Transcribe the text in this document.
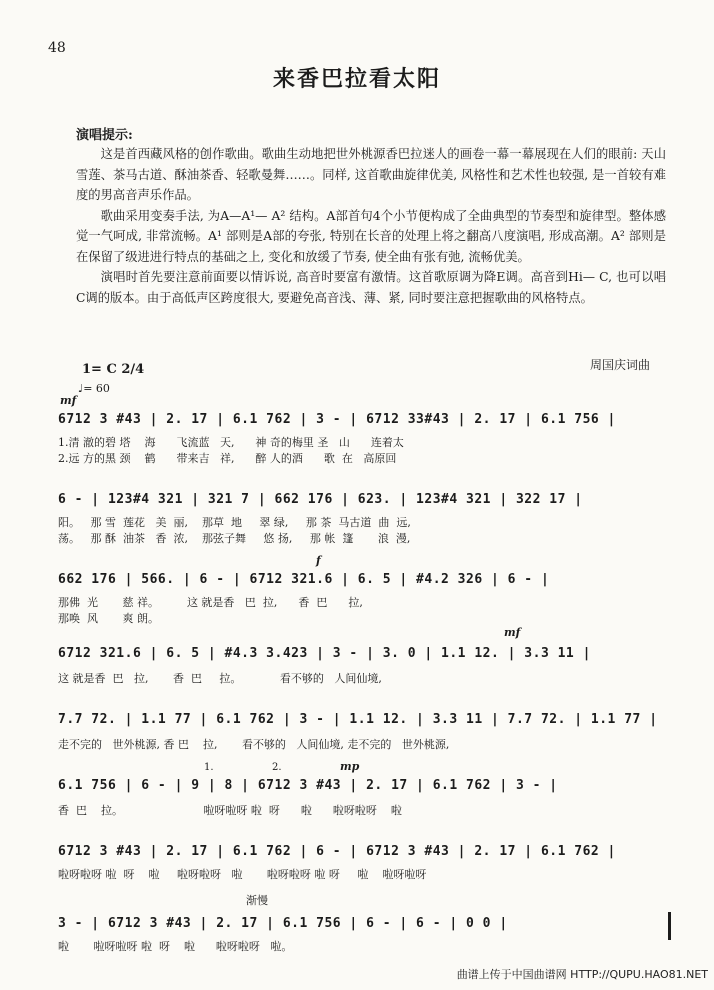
48
来香巴拉看太阳
演唱提示:

这是首西藏风格的创作歌曲。歌曲生动地把世外桃源香巴拉迷人的画卷一幕一幕展现在人们的眼前: 天山雪莲、茶马古道、酥油茶香、轻歌曼舞……。同样, 这首歌曲旋律优美, 风格性和艺术性也较强, 是一首较有难度的男高音声乐作品。

歌曲采用变奏手法, 为A—A¹— A² 结构。A部首句4个小节便构成了全曲典型的节奏型和旋律型。整体感觉一气呵成, 非常流畅。A¹ 部则是A部的夸张, 特别在长音的处理上将之翻高八度演唱, 形成高潮。A² 部则是在保留了级进进行特点的基础之上, 变化和放缓了节奏, 使全曲有张有弛, 流畅优美。

演唱时首先要注意前面要以情诉说, 高音时要富有激情。这首歌原调为降E调。高音到Hi— C, 也可以唱C调的版本。由于高低声区跨度很大, 要避免高音浅、薄、紧, 同时要注意把握歌曲的风格特点。

1= C 2/4
♩= 60
周国庆词曲
mf
6712 3 #43 | 2. 17 | 6.1 762 | 3 - | 6712 33#43 | 2. 17 | 6.1 756 |
1.清 澈的碧 塔    海      飞流蓝   天,      神 奇的梅里 圣   山      连着太
2.远 方的黑 颈    鹤      带来吉   祥,      醉 人的酒      歌  在   高原回
6 - | 123#4 321 | 321 7 | 662 176 | 623. | 123#4 321 | 322 17 |
阳。   那 雪  莲花   美  丽,    那草  地     翠 绿,     那 茶  马古道  曲  远,
荡。   那 酥  油茶   香  浓,    那弦子舞     悠 扬,     那 帐  篷       浪  漫,
f
662 176 | 566. | 6 - | 6712 321.6 | 6. 5 | #4.2 326 | 6 - |
那佛  光       慈 祥。        这 就是香   巴  拉,      香  巴      拉,
那唤  风       爽 朗。
mf
6712 321.6 | 6. 5 | #4.3 3.423 | 3 - | 3. 0 | 1.1 12. | 3.3 11 |
这 就是香  巴   拉,       香  巴     拉。           看不够的   人间仙境,
7.7 72. | 1.1 77 | 6.1 762 | 3 - | 1.1 12. | 3.3 11 | 7.7 72. | 1.1 77 |
走不完的   世外桃源, 香 巴    拉,       看不够的   人间仙境, 走不完的   世外桃源,
1.	2.	mp
6.1 756 | 6 - | 9 | 8 | 6712 3 #43 | 2. 17 | 6.1 762 | 3 - |
香  巴    拉。                       啦呀啦呀 啦  呀      啦      啦呀啦呀    啦
6712 3 #43 | 2. 17 | 6.1 762 | 6 - | 6712 3 #43 | 2. 17 | 6.1 762 |
啦呀啦呀 啦  呀    啦     啦呀啦呀   啦       啦呀啦呀 啦 呀     啦    啦呀啦呀
渐慢
3 - | 6712 3 #43 | 2. 17 | 6.1 756 | 6 - | 6 - | 0 0 |
啦       啦呀啦呀 啦  呀    啦      啦呀啦呀   啦。
曲谱上传于中国曲谱网 HTTP://QUPU.HAO81.NET
